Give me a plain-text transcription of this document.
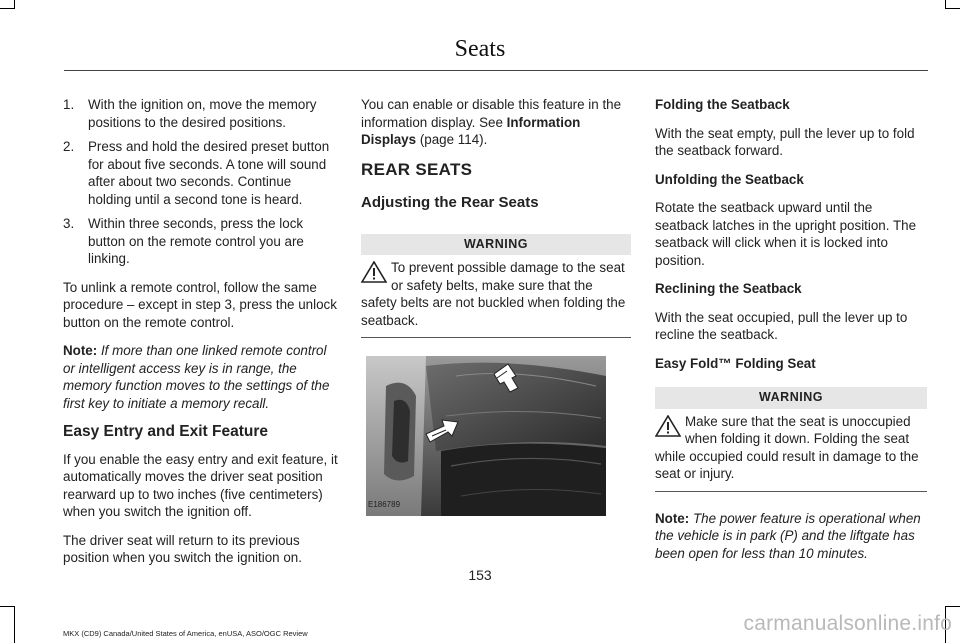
Seats
1. With the ignition on, move the memory positions to the desired positions.
2. Press and hold the desired preset button for about five seconds. A tone will sound after about two seconds. Continue holding until a second tone is heard.
3. Within three seconds, press the lock button on the remote control you are linking.

To unlink a remote control, follow the same procedure – except in step 3, press the unlock button on the remote control.

Note: If more than one linked remote control or intelligent access key is in range, the memory function moves to the settings of the first key to initiate a memory recall.

Easy Entry and Exit Feature

If you enable the easy entry and exit feature, it automatically moves the driver seat position rearward up to two inches (five centimeters) when you switch the ignition off.

The driver seat will return to its previous position when you switch the ignition on.

You can enable or disable this feature in the information display. See Information Displays (page 114).

REAR SEATS
Adjusting the Rear Seats
WARNING
To prevent possible damage to the seat or safety belts, make sure that the safety belts are not buckled when folding the seatback.
E186789
Folding the Seatback

With the seat empty, pull the lever up to fold the seatback forward.

Unfolding the Seatback

Rotate the seatback upward until the seatback latches in the upright position. The seatback will click when it is locked into position.

Reclining the Seatback

With the seat occupied, pull the lever up to recline the seatback.

Easy Fold™ Folding Seat
WARNING
Make sure that the seat is unoccupied when folding it down. Folding the seat while occupied could result in damage to the seat or injury.

Note: The power feature is operational when the vehicle is in park (P) and the liftgate has been open for less than 10 minutes.

153
MKX (CD9) Canada/United States of America, enUSA, ASO/OGC Review	carmanualsonline.info
